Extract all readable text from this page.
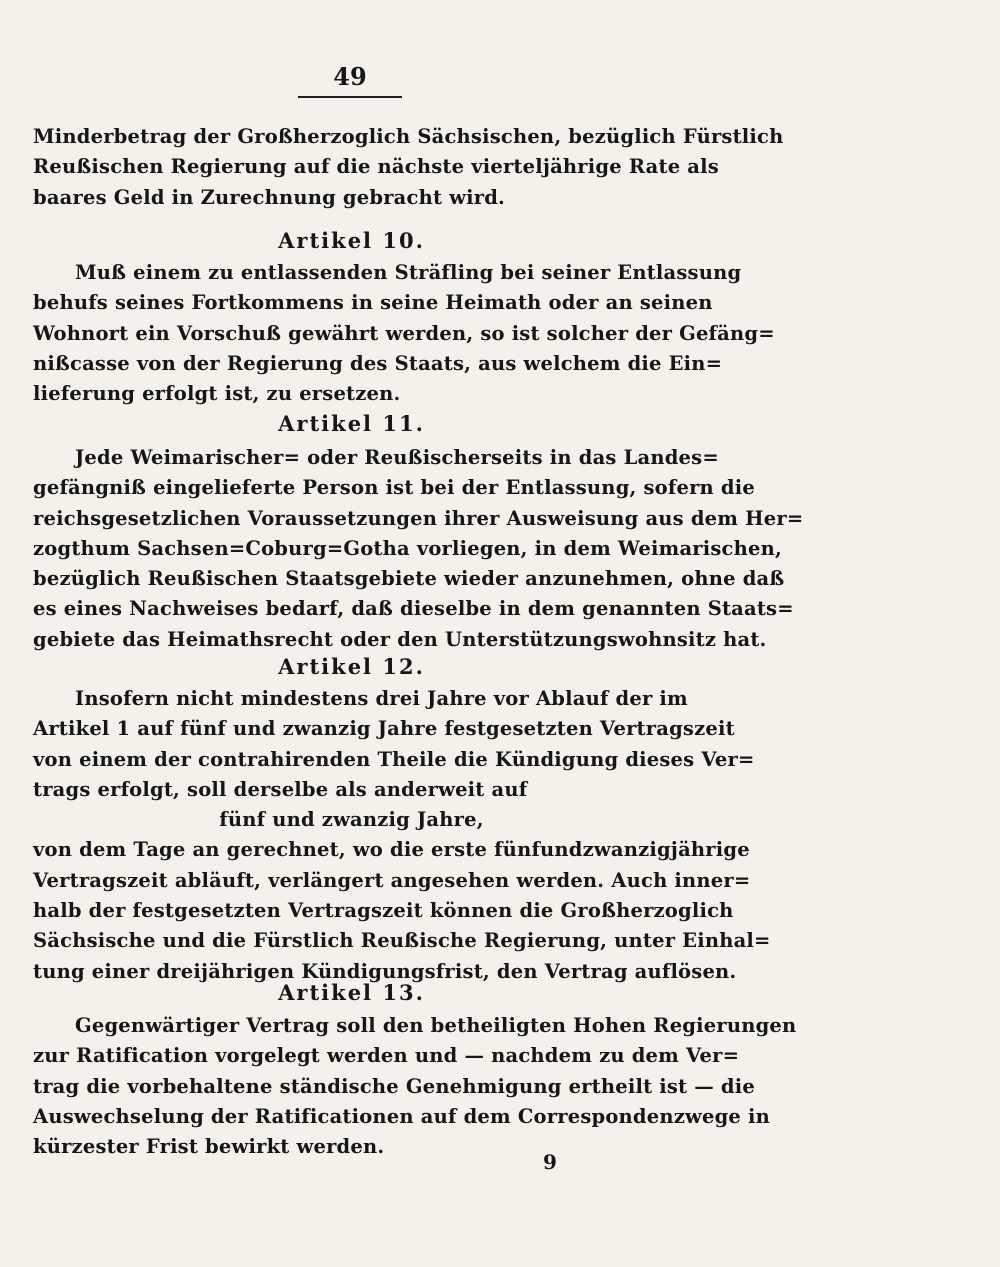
49
Minderbetrag der Großherzoglich Sächsischen, bezüglich Fürstlich
Reußischen Regierung auf die nächste vierteljährige Rate als
baares Geld in Zurechnung gebracht wird.
Artikel 10.
Muß einem zu entlassenden Sträfling bei seiner Entlassung
behufs seines Fortkommens in seine Heimath oder an seinen
Wohnort ein Vorschuß gewährt werden, so ist solcher der Gefäng=
nißcasse von der Regierung des Staats, aus welchem die Ein=
lieferung erfolgt ist, zu ersetzen.
Artikel 11.
Jede Weimarischer= oder Reußischerseits in das Landes=
gefängniß eingelieferte Person ist bei der Entlassung, sofern die
reichsgesetzlichen Voraussetzungen ihrer Ausweisung aus dem Her=
zogthum Sachsen=Coburg=Gotha vorliegen, in dem Weimarischen,
bezüglich Reußischen Staatsgebiete wieder anzunehmen, ohne daß
es eines Nachweises bedarf, daß dieselbe in dem genannten Staats=
gebiete das Heimathsrecht oder den Unterstützungswohnsitz hat.
Artikel 12.
Insofern nicht mindestens drei Jahre vor Ablauf der im
Artikel 1 auf fünf und zwanzig Jahre festgesetzten Vertragszeit
von einem der contrahirenden Theile die Kündigung dieses Ver=
trags erfolgt, soll derselbe als anderweit auf
fünf und zwanzig Jahre,
von dem Tage an gerechnet, wo die erste fünfundzwanzigjährige
Vertragszeit abläuft, verlängert angesehen werden. Auch inner=
halb der festgesetzten Vertragszeit können die Großherzoglich
Sächsische und die Fürstlich Reußische Regierung, unter Einhal=
tung einer dreijährigen Kündigungsfrist, den Vertrag auflösen.
Artikel 13.
Gegenwärtiger Vertrag soll den betheiligten Hohen Regierungen
zur Ratification vorgelegt werden und — nachdem zu dem Ver=
trag die vorbehaltene ständische Genehmigung ertheilt ist — die
Auswechselung der Ratificationen auf dem Correspondenzwege in
kürzester Frist bewirkt werden.
9
